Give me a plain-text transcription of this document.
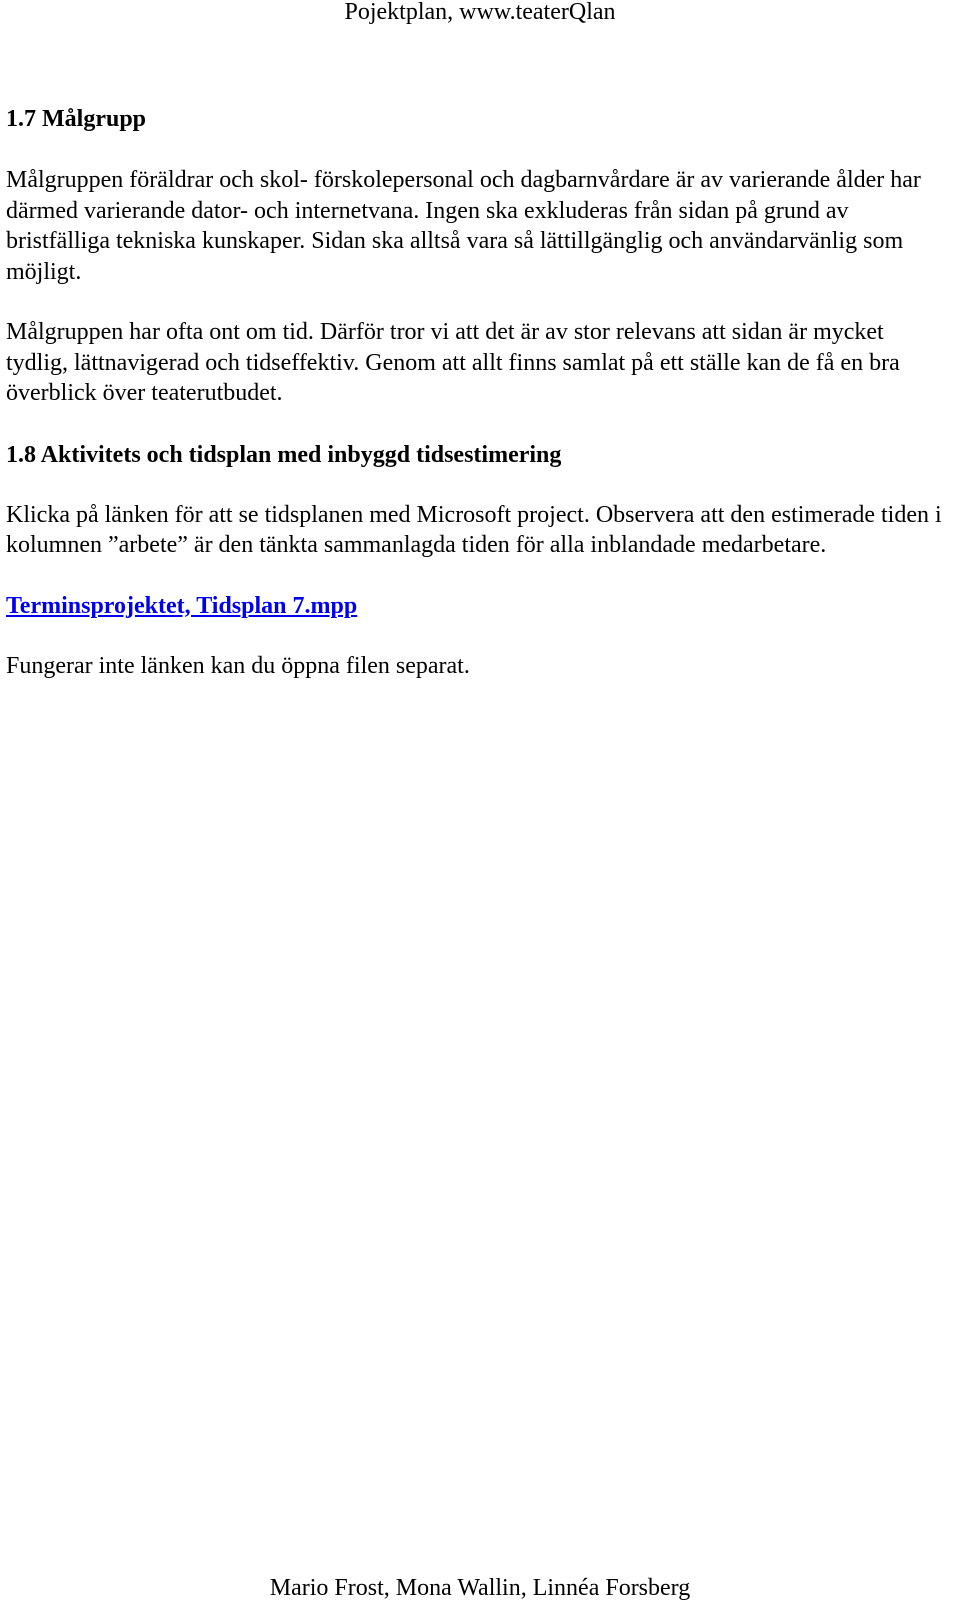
Pojektplan, www.teaterQlan
1.7 Målgrupp

Målgruppen föräldrar och skol- förskolepersonal och dagbarnvårdare är av varierande ålder har därmed varierande dator- och internetvana. Ingen ska exkluderas från sidan på grund av bristfälliga tekniska kunskaper. Sidan ska alltså vara så lättillgänglig och användarvänlig som möjligt.

Målgruppen har ofta ont om tid. Därför tror vi att det är av stor relevans att sidan är mycket tydlig, lättnavigerad och tidseffektiv. Genom att allt finns samlat på ett ställe kan de få en bra överblick över teaterutbudet.

1.8 Aktivitets och tidsplan med inbyggd tidsestimering

Klicka på länken för att se tidsplanen med Microsoft project. Observera att den estimerade tiden i kolumnen ”arbete” är den tänkta sammanlagda tiden för alla inblandade medarbetare.

Terminsprojektet, Tidsplan 7.mpp

Fungerar inte länken kan du öppna filen separat.

Mario Frost, Mona Wallin, Linnéa Forsberg
